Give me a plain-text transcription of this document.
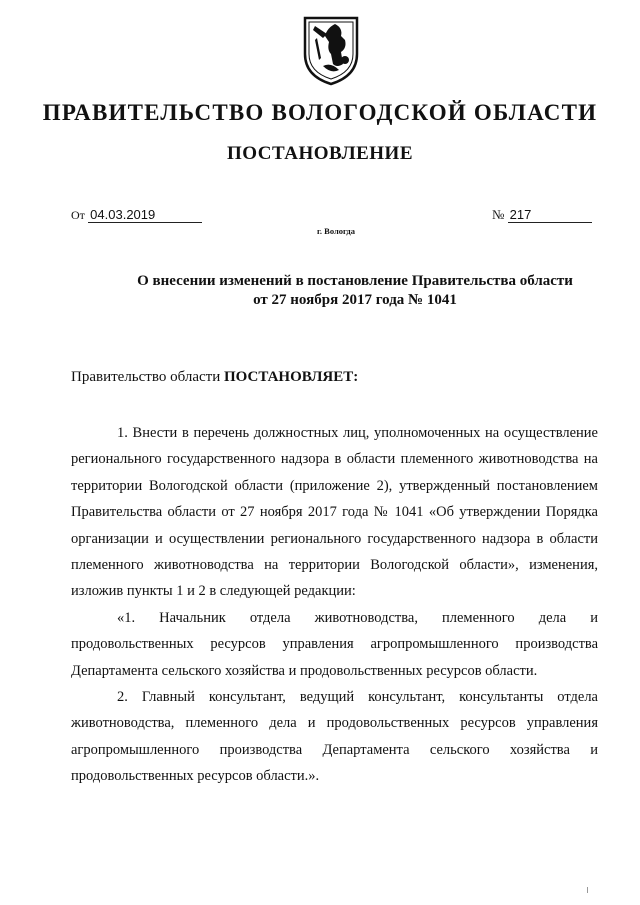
ПРАВИТЕЛЬСТВО ВОЛОГОДСКОЙ ОБЛАСТИ
ПОСТАНОВЛЕНИЕ
От 04.03.2019	№ 217
г. Вологда
О внесении изменений в постановление Правительства области
от 27 ноября 2017 года № 1041
Правительство области ПОСТАНОВЛЯЕТ:

1. Внести в перечень должностных лиц, уполномоченных на осуществление регионального государственного надзора в области племенного животноводства на территории Вологодской области (приложение 2), утвержденный постановлением Правительства области от 27 ноября 2017 года № 1041 «Об утверждении Порядка организации и осуществлении регионального государственного надзора в области племенного животноводства на территории Вологодской области», изменения, изложив пункты 1 и 2 в следующей редакции:

«1. Начальник отдела животноводства, племенного дела и продовольственных ресурсов управления агропромышленного производства Департамента сельского хозяйства и продовольственных ресурсов области.

2. Главный консультант, ведущий консультант, консультанты отдела животноводства, племенного дела и продовольственных ресурсов управления агропромышленного производства Департамента сельского хозяйства и продовольственных ресурсов области.».
